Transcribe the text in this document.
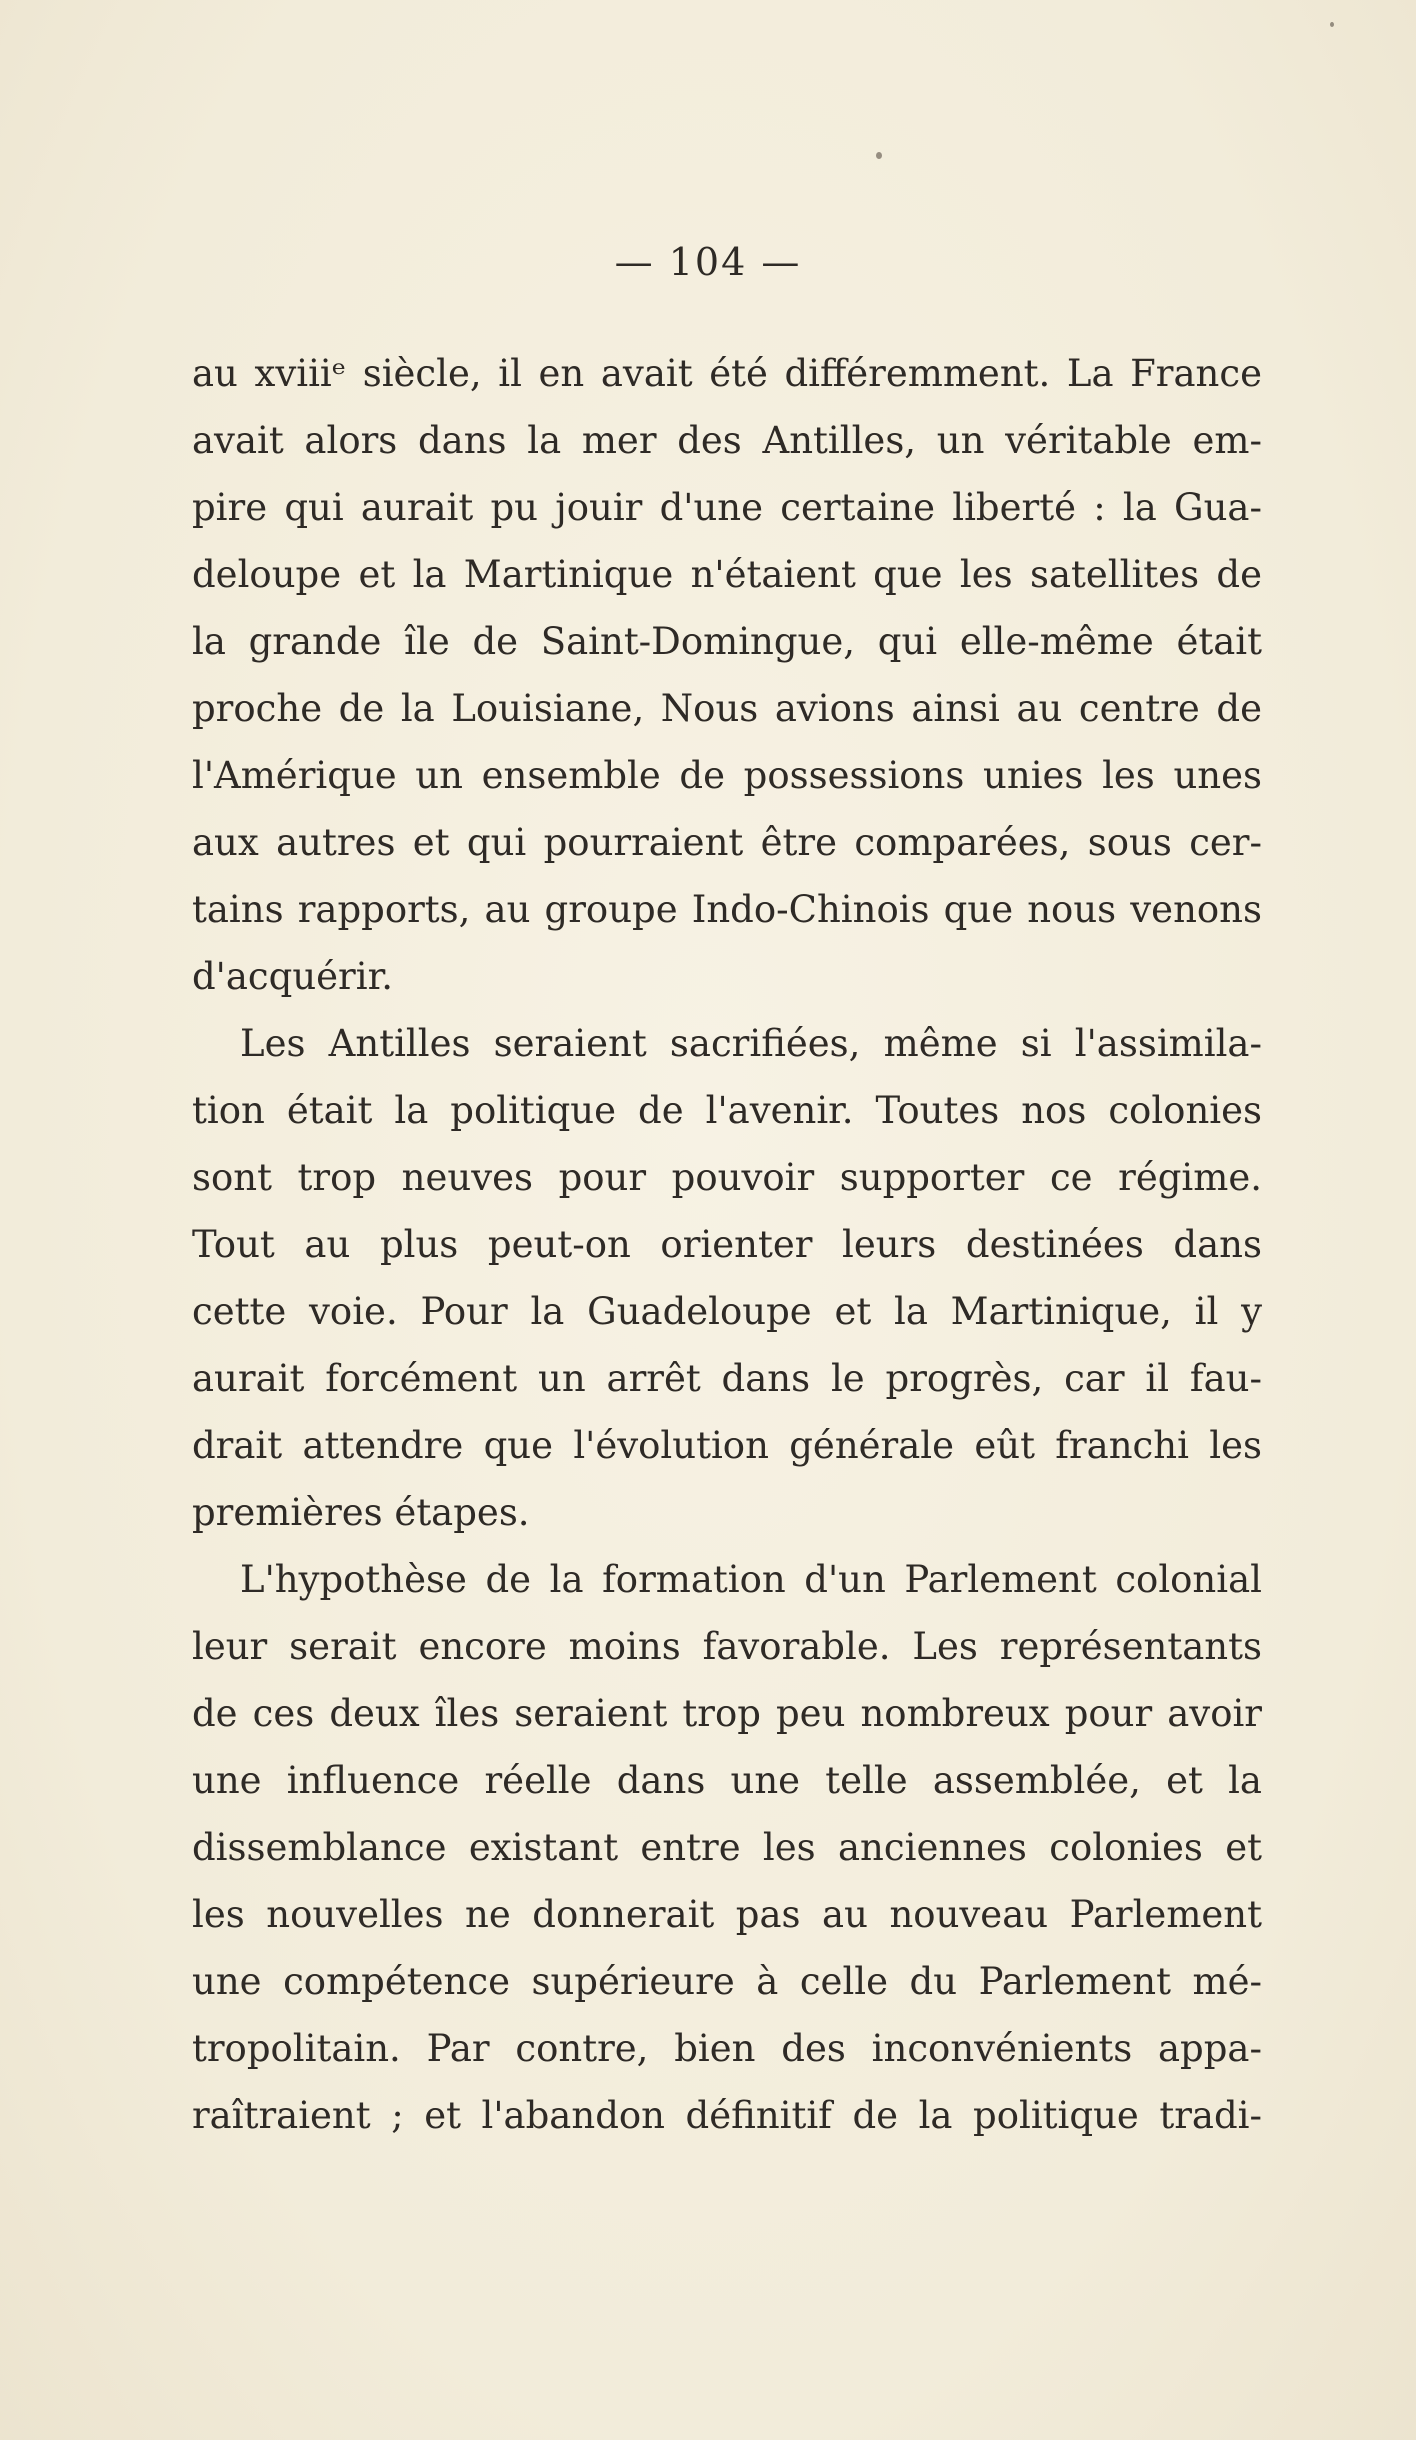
— 104 —
au xviiiᵉ siècle, il en avait été différemment. La France
avait alors dans la mer des Antilles, un véritable em-
pire qui aurait pu jouir d'une certaine liberté : la Gua-
deloupe et la Martinique n'étaient que les satellites de
la grande île de Saint-Domingue, qui elle-même était
proche de la Louisiane, Nous avions ainsi au centre de
l'Amérique un ensemble de possessions unies les unes
aux autres et qui pourraient être comparées, sous cer-
tains rapports, au groupe Indo-Chinois que nous venons
d'acquérir.
Les Antilles seraient sacrifiées, même si l'assimila-
tion était la politique de l'avenir. Toutes nos colonies
sont trop neuves pour pouvoir supporter ce régime.
Tout au plus peut-on orienter leurs destinées dans
cette voie. Pour la Guadeloupe et la Martinique, il y
aurait forcément un arrêt dans le progrès, car il fau-
drait attendre que l'évolution générale eût franchi les
premières étapes.
L'hypothèse de la formation d'un Parlement colonial
leur serait encore moins favorable. Les représentants
de ces deux îles seraient trop peu nombreux pour avoir
une influence réelle dans une telle assemblée, et la
dissemblance existant entre les anciennes colonies et
les nouvelles ne donnerait pas au nouveau Parlement
une compétence supérieure à celle du Parlement mé-
tropolitain. Par contre, bien des inconvénients appa-
raîtraient ; et l'abandon définitif de la politique tradi-
